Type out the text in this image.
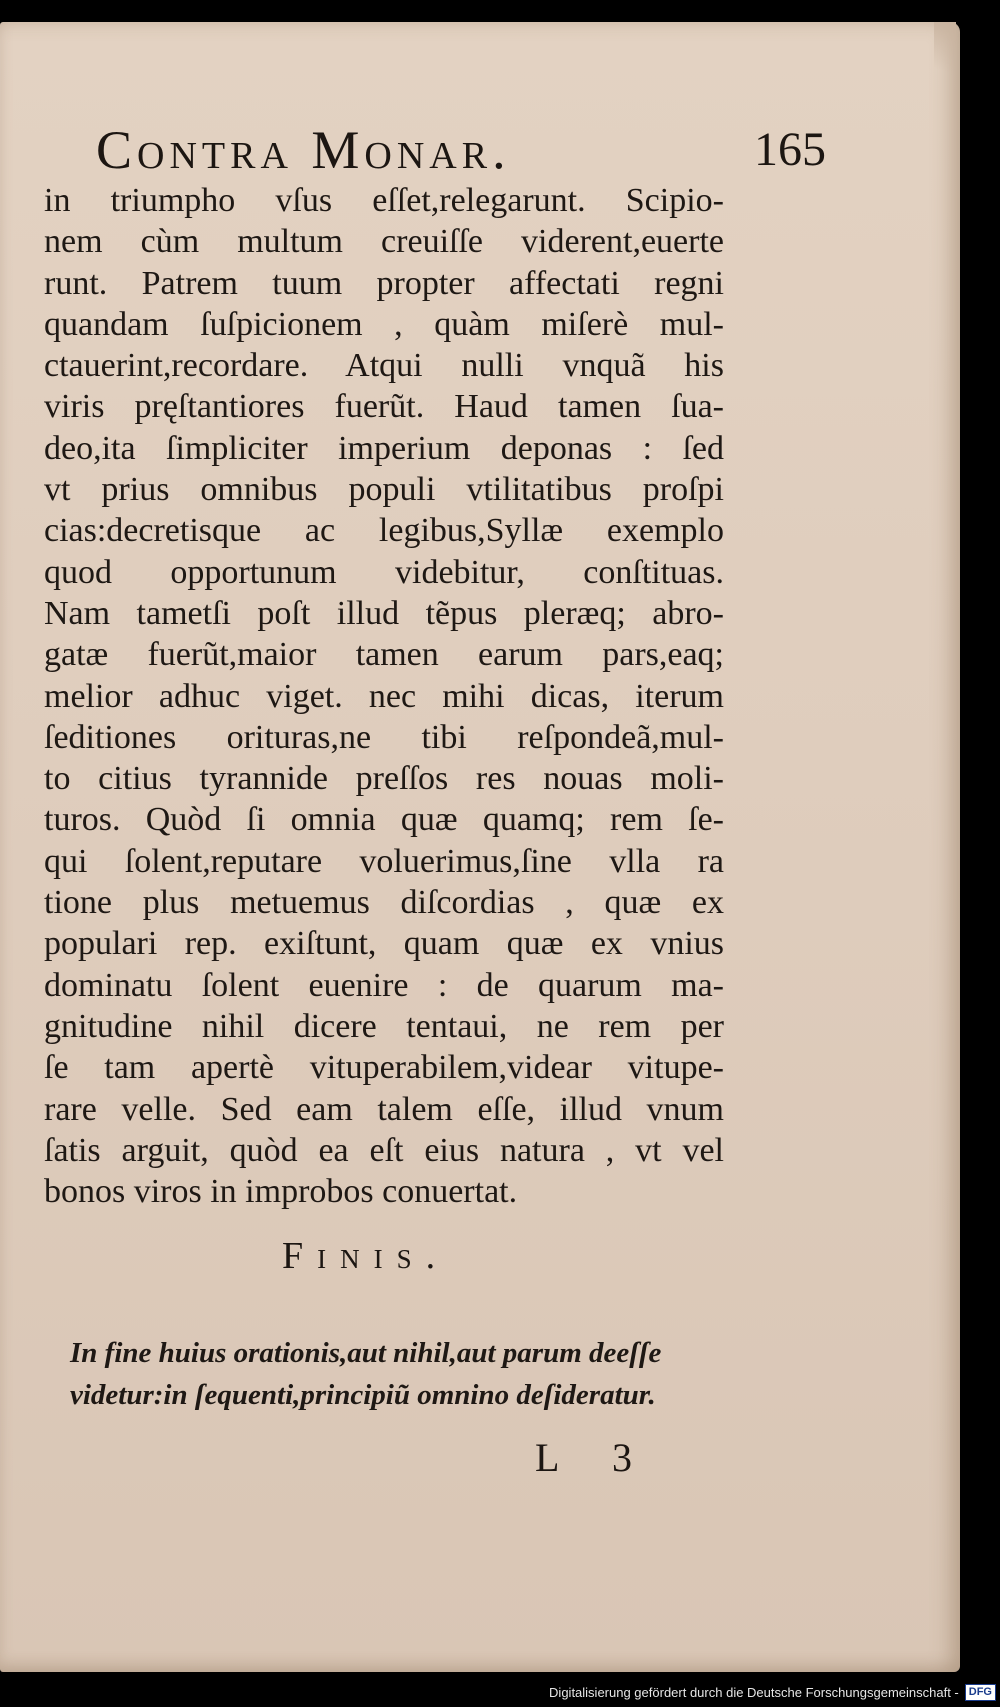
Contra Monar.	165
in triumpho vſus eſſet,relegarunt. Scipio-
nem cùm multum creuiſſe viderent,euerte
runt. Patrem tuum propter affectati regni
quandam ſuſpicionem , quàm miſerè mul-
ctauerint,recordare. Atqui nulli vnquã his
viris pręſtantiores fuerũt. Haud tamen ſua-
deo,ita ſimpliciter imperium deponas : ſed
vt prius omnibus populi vtilitatibus proſpi
cias:decretisque ac legibus,Syllæ exemplo
quod opportunum videbitur, conſtituas.
Nam tametſi poſt illud tẽpus pleræq; abro-
gatæ fuerũt,maior tamen earum pars,eaq;
melior adhuc viget. nec mihi dicas, iterum
ſeditiones orituras,ne tibi reſpondeã,mul-
to citius tyrannide preſſos res nouas moli-
turos. Quòd ſi omnia quæ quamq; rem ſe-
qui ſolent,reputare voluerimus,ſine vlla ra
tione plus metuemus diſcordias , quæ ex
populari rep. exiſtunt, quam quæ ex vnius
dominatu ſolent euenire : de quarum ma-
gnitudine nihil dicere tentaui, ne rem per
ſe tam apertè vituperabilem,videar vitupe-
rare velle. Sed eam talem eſſe, illud vnum
ſatis arguit, quòd ea eſt eius natura , vt vel
bonos viros in improbos conuertat.
Finis.
In fine huius orationis,aut nihil,aut parum deeſſe
videtur:in ſequenti,principiũ omnino deſideratur.
L 3
Digitalisierung gefördert durch die Deutsche Forschungsgemeinschaft - DFG
